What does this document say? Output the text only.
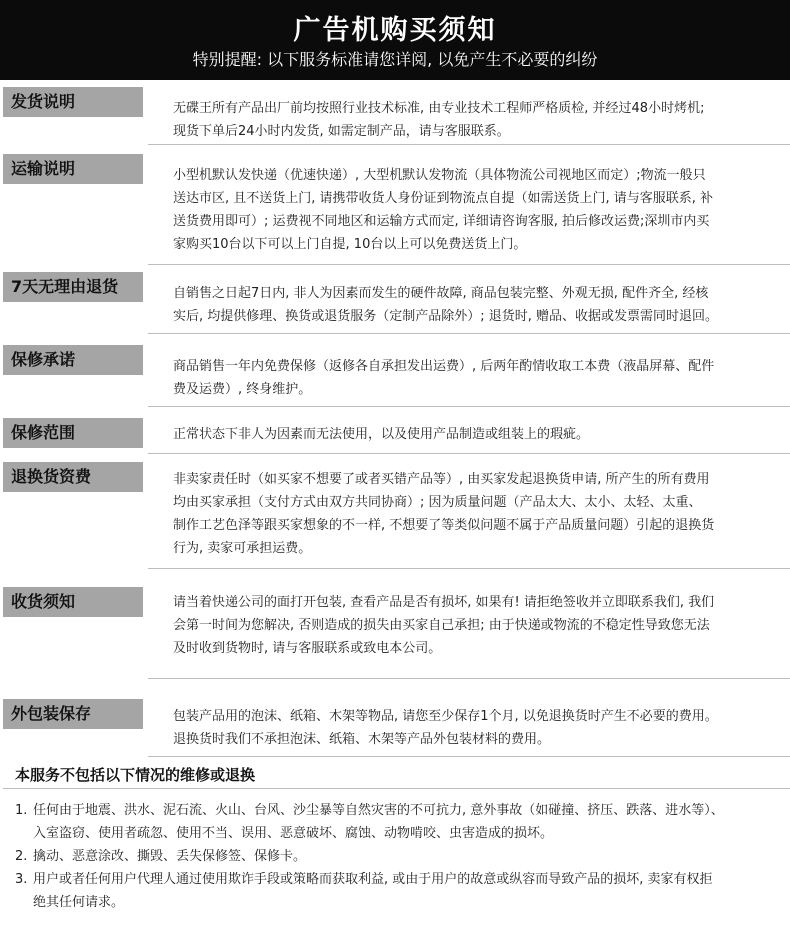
广告机购买须知
特别提醒: 以下服务标准请您详阅, 以免产生不必要的纠纷
发货说明	无碟王所有产品出厂前均按照行业技术标准, 由专业技术工程师严格质检, 并经过48小时烤机;

现货下单后24小时内发货, 如需定制产品，请与客服联系。

运输说明	小型机默认发快递（优速快递）, 大型机默认发物流（具体物流公司视地区而定）;物流一般只

送达市区, 且不送货上门, 请携带收货人身份证到物流点自提（如需送货上门, 请与客服联系, 补

送货费用即可）; 运费视不同地区和运输方式而定, 详细请咨询客服, 拍后修改运费;深圳市内买

家购买10台以下可以上门自提, 10台以上可以免费送货上门。

7天无理由退货	自销售之日起7日内, 非人为因素而发生的硬件故障, 商品包装完整、外观无损, 配件齐全, 经核

实后, 均提供修理、换货或退货服务（定制产品除外）; 退货时, 赠品、收据或发票需同时退回。

保修承诺	商品销售一年内免费保修（返修各自承担发出运费）, 后两年酌情收取工本费（液晶屏幕、配件

费及运费）, 终身维护。

保修范围	正常状态下非人为因素而无法使用，以及使用产品制造或组装上的瑕疵。

退换货资费	非卖家责任时（如买家不想要了或者买错产品等）, 由买家发起退换货申请, 所产生的所有费用

均由买家承担（支付方式由双方共同协商）; 因为质量问题（产品太大、太小、太轻、太重、

制作工艺色泽等跟买家想象的不一样, 不想要了等类似问题不属于产品质量问题）引起的退换货

行为, 卖家可承担运费。

收货须知	请当着快递公司的面打开包装, 查看产品是否有损坏, 如果有! 请拒绝签收并立即联系我们, 我们

会第一时间为您解决, 否则造成的损失由买家自己承担; 由于快递或物流的不稳定性导致您无法

及时收到货物时, 请与客服联系或致电本公司。

外包装保存	包装产品用的泡沫、纸箱、木架等物品, 请您至少保存1个月, 以免退换货时产生不必要的费用。

退换货时我们不承担泡沫、纸箱、木架等产品外包装材料的费用。

本服务不包括以下情况的维修或退换
1. 任何由于地震、洪水、泥石流、火山、台风、沙尘暴等自然灾害的不可抗力, 意外事故（如碰撞、挤压、跌落、进水等）、
入室盗窃、使用者疏忽、使用不当、误用、恶意破坏、腐蚀、动物啃咬、虫害造成的损坏。
2. 擒动、恶意涂改、撕毁、丢失保修签、保修卡。
3. 用户或者任何用户代理人通过使用欺诈手段或策略而获取利益, 或由于用户的故意或纵容而导致产品的损坏, 卖家有权拒
绝其任何请求。
